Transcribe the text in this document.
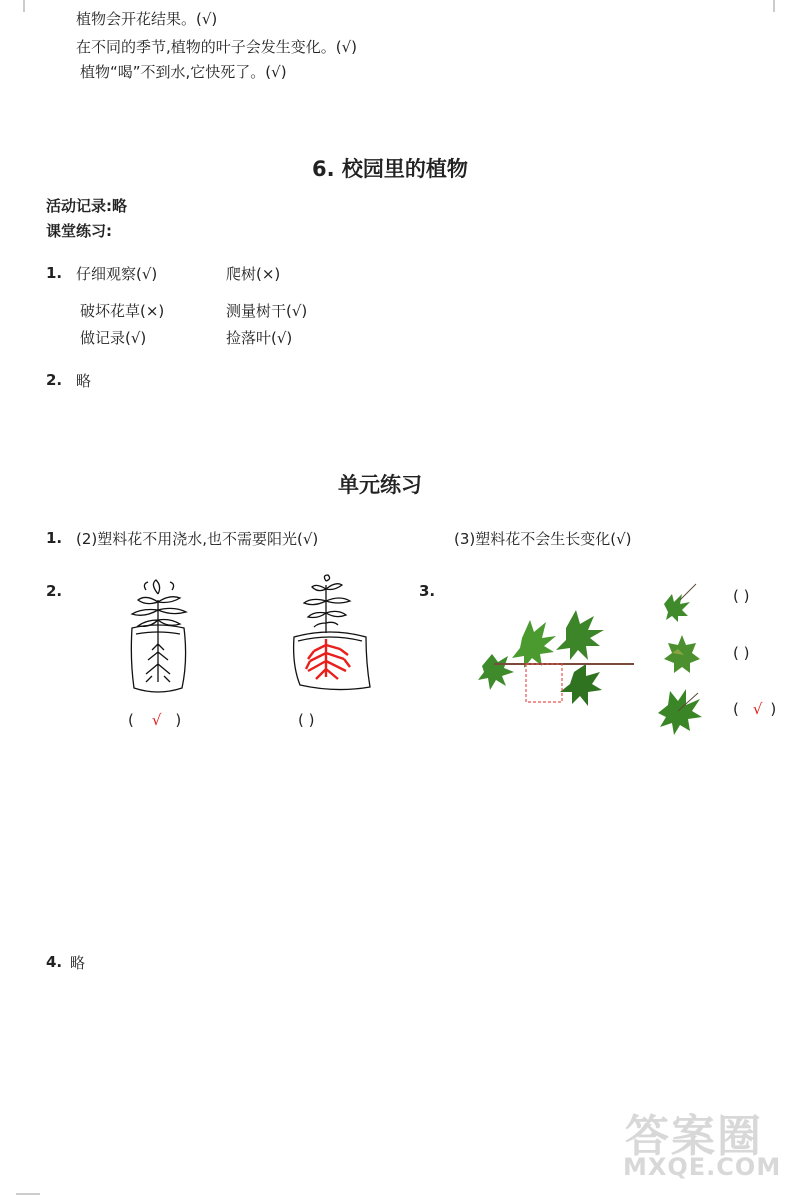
植物会开花结果。(√)
在不同的季节,植物的叶子会发生变化。(√)
植物“喝”不到水,它快死了。(√)
6. 校园里的植物
活动记录:略
课堂练习:
1. 仔细观察(√)	爬树(×)
破坏花草(×)	测量树干(√)
做记录(√)	捡落叶(√)
2. 略
单元练习
1. (2)塑料花不用浇水,也不需要阳光(√)	(3)塑料花不会生长变化(√)
2.
( √ )	( )
3.	( )
( )
( √ )
4. 略
答案圈
MXQE.COM
